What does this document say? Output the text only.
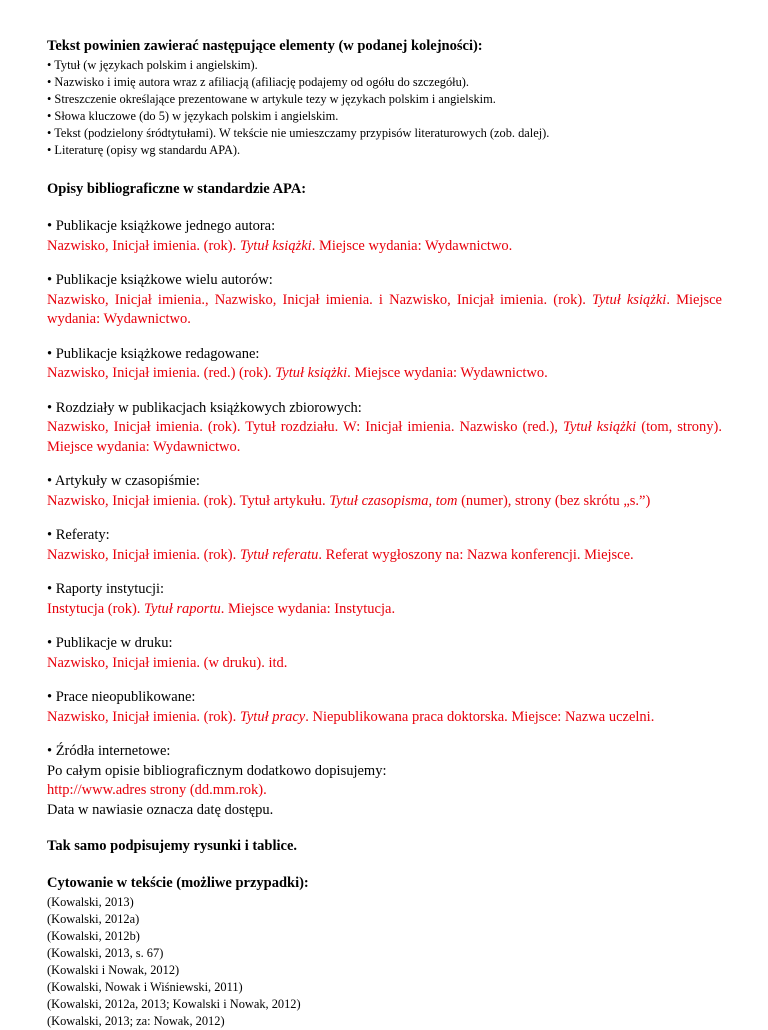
Tekst powinien zawierać następujące elementy (w podanej kolejności):

• Tytuł (w językach polskim i angielskim).
• Nazwisko i imię autora wraz z afiliacją (afiliację podajemy od ogółu do szczegółu).
• Streszczenie określające prezentowane w artykule tezy w językach polskim i angielskim.
• Słowa kluczowe (do 5) w językach polskim i angielskim.
• Tekst (podzielony śródtytułami). W tekście nie umieszczamy przypisów literaturowych (zob. dalej).
• Literaturę (opisy wg standardu APA).

Opisy bibliograficzne w standardzie APA:

• Publikacje książkowe jednego autora:

Nazwisko, Inicjał imienia. (rok). Tytuł książki. Miejsce wydania: Wydawnictwo.

• Publikacje książkowe wielu autorów:

Nazwisko, Inicjał imienia., Nazwisko, Inicjał imienia. i Nazwisko, Inicjał imienia. (rok). Tytuł książki. Miejsce wydania: Wydawnictwo.

• Publikacje książkowe redagowane:

Nazwisko, Inicjał imienia. (red.) (rok). Tytuł książki. Miejsce wydania: Wydawnictwo.

• Rozdziały w publikacjach książkowych zbiorowych:

Nazwisko, Inicjał imienia. (rok). Tytuł rozdziału. W: Inicjał imienia. Nazwisko (red.), Tytuł książki (tom, strony). Miejsce wydania: Wydawnictwo.

• Artykuły w czasopiśmie:

Nazwisko, Inicjał imienia. (rok). Tytuł artykułu. Tytuł czasopisma, tom (numer), strony (bez skrótu „s.”)

• Referaty:

Nazwisko, Inicjał imienia. (rok). Tytuł referatu. Referat wygłoszony na: Nazwa konferencji. Miejsce.

• Raporty instytucji:

Instytucja (rok). Tytuł raportu. Miejsce wydania: Instytucja.

• Publikacje w druku:

Nazwisko, Inicjał imienia. (w druku). itd.

• Prace nieopublikowane:

Nazwisko, Inicjał imienia. (rok). Tytuł pracy. Niepublikowana praca doktorska. Miejsce: Nazwa uczelni.

• Źródła internetowe:

Po całym opisie bibliograficznym dodatkowo dopisujemy:

http://www.adres strony (dd.mm.rok).

Data w nawiasie oznacza datę dostępu.

Tak samo podpisujemy rysunki i tablice.

Cytowanie w tekście (możliwe przypadki):

(Kowalski, 2013)

(Kowalski, 2012a)

(Kowalski, 2012b)

(Kowalski, 2013, s. 67)

(Kowalski i Nowak, 2012)

(Kowalski, Nowak i Wiśniewski, 2011)

(Kowalski, 2012a, 2013; Kowalski i Nowak, 2012)

(Kowalski, 2013; za: Nowak, 2012)
